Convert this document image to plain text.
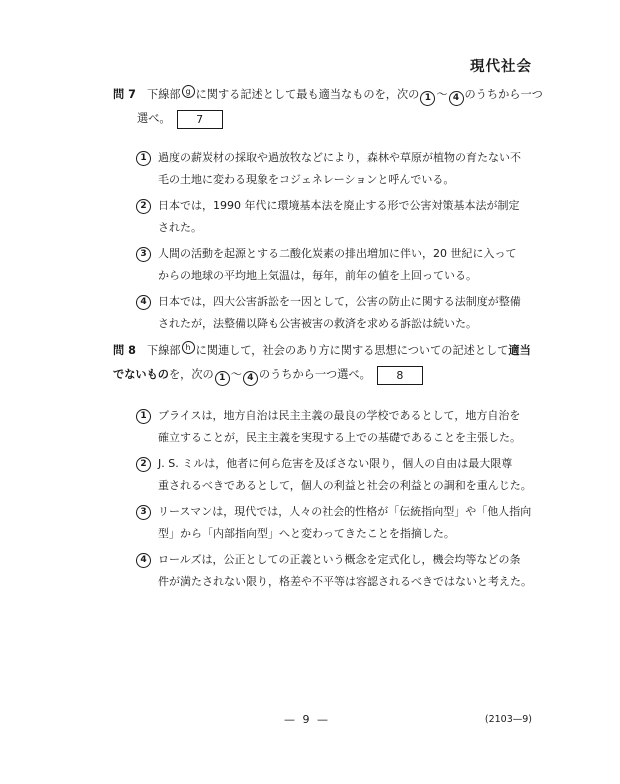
現代社会
問 7 下線部 g に関する記述として最も適当なものを，次の 1 〜 4 のうちから一つ
選べ。 7
1	過度の薪炭材の採取や過放牧などにより，森林や草原が植物の育たない不
毛の土地に変わる現象をコジェネレーションと呼んでいる。
2	日本では，1990 年代に環境基本法を廃止する形で公害対策基本法が制定
された。
3	人間の活動を起源とする二酸化炭素の排出増加に伴い，20 世紀に入って
からの地球の平均地上気温は，毎年，前年の値を上回っている。
4	日本では，四大公害訴訟を一因として，公害の防止に関する法制度が整備
されたが，法整備以降も公害被害の救済を求める訴訟は続いた。
問 8 下線部 h に関連して，社会のあり方に関する思想についての記述として適当
でないものを，次の 1 〜 4 のうちから一つ選べ。 8
1	ブライスは，地方自治は民主主義の最良の学校であるとして，地方自治を
確立することが，民主主義を実現する上での基礎であることを主張した。
2	J. S. ミルは，他者に何ら危害を及ぼさない限り，個人の自由は最大限尊
重されるべきであるとして，個人の利益と社会の利益との調和を重んじた。
3	リースマンは，現代では，人々の社会的性格が「伝統指向型」や「他人指向
型」から「内部指向型」へと変わってきたことを指摘した。
4	ロールズは，公正としての正義という概念を定式化し，機会均等などの条
件が満たされない限り，格差や不平等は容認されるべきではないと考えた。
— 9 —	(2103—9)
